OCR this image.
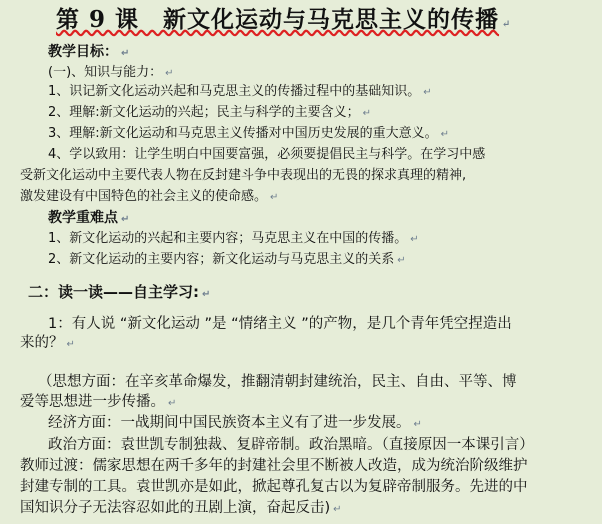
第 9 课　新文化运动与马克思主义的传播 ↵
教学目标： ↵
(一)、知识与能力： ↵
1、识记新文化运动兴起和马克思主义的传播过程中的基础知识。 ↵
2、理解:新文化运动的兴起；民主与科学的主要含义； ↵
3、理解:新文化运动和马克思主义传播对中国历史发展的重大意义。 ↵
4、学以致用：让学生明白中国要富强，必须要提倡民主与科学。在学习中感
受新文化运动中主要代表人物在反封建斗争中表现出的无畏的探求真理的精神,
激发建设有中国特色的社会主义的使命感。 ↵
教学重难点 ↵
1、新文化运动的兴起和主要内容；马克思主义在中国的传播。 ↵
2、新文化运动的主要内容；新文化运动与马克思主义的关系 ↵
二：读一读——自主学习: ↵
1：有人说 “新文化运动 ”是 “情绪主义 ”的产物，是几个青年凭空捏造出
来的？ ↵
（思想方面：在辛亥革命爆发，推翻清朝封建统治，民主、自由、平等、博
爱等思想进一步传播。 ↵
经济方面：一战期间中国民族资本主义有了进一步发展。 ↵
政治方面：袁世凯专制独裁、复辟帝制。政治黑暗。（直接原因一本课引言）
教师过渡：儒家思想在两千多年的封建社会里不断被人改造，成为统治阶级维护
封建专制的工具。袁世凯亦是如此，掀起尊孔复古以为复辟帝制服务。先进的中
国知识分子无法容忍如此的丑剧上演，奋起反击) ↵
